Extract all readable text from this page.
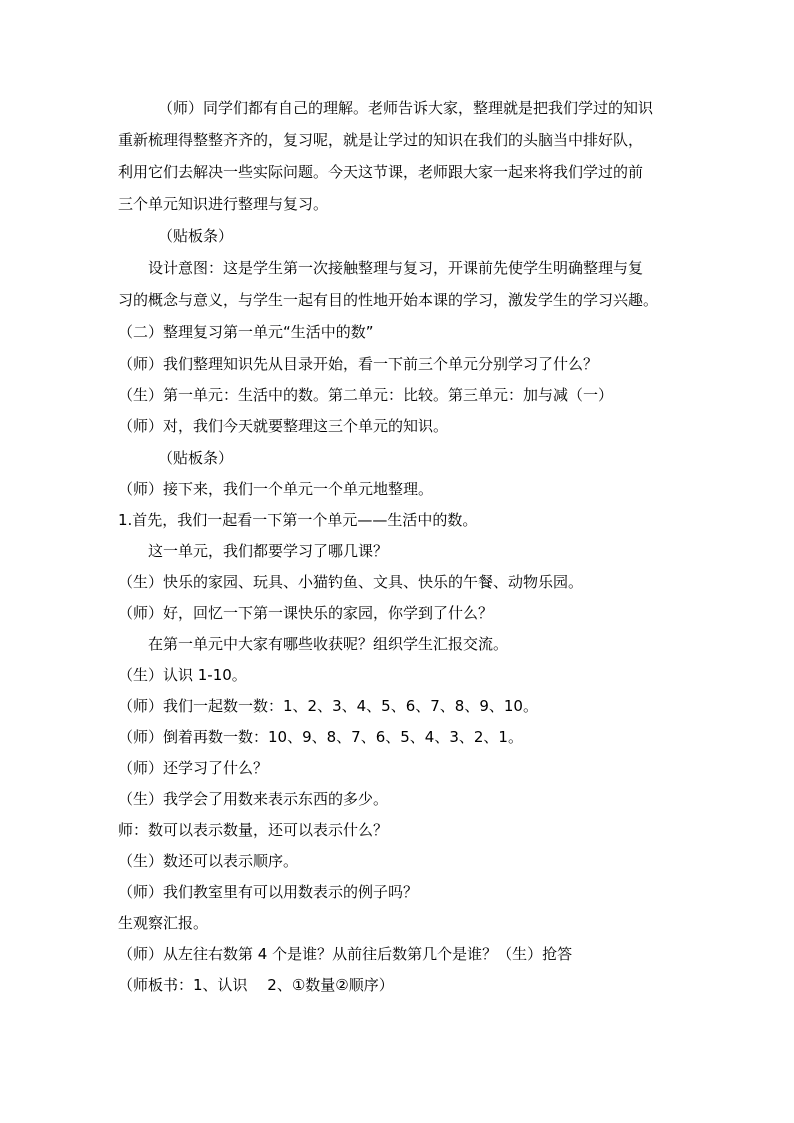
（师）同学们都有自己的理解。老师告诉大家，整理就是把我们学过的知识
重新梳理得整整齐齐的，复习呢，就是让学过的知识在我们的头脑当中排好队，
利用它们去解决一些实际问题。今天这节课，老师跟大家一起来将我们学过的前
三个单元知识进行整理与复习。
（贴板条）
设计意图：这是学生第一次接触整理与复习，开课前先使学生明确整理与复
习的概念与意义，与学生一起有目的性地开始本课的学习，激发学生的学习兴趣。
（二）整理复习第一单元“生活中的数”
（师）我们整理知识先从目录开始，看一下前三个单元分别学习了什么？
（生）第一单元：生活中的数。第二单元：比较。第三单元：加与减（一）
（师）对，我们今天就要整理这三个单元的知识。
（贴板条）
（师）接下来，我们一个单元一个单元地整理。
1.首先，我们一起看一下第一个单元——生活中的数。
这一单元，我们都要学习了哪几课？
（生）快乐的家园、玩具、小猫钓鱼、文具、快乐的午餐、动物乐园。
（师）好，回忆一下第一课快乐的家园，你学到了什么？
在第一单元中大家有哪些收获呢？组织学生汇报交流。
（生）认识 1-10。
（师）我们一起数一数：1、2、3、4、5、6、7、8、9、10。
（师）倒着再数一数：10、9、8、7、6、5、4、3、2、1。
（师）还学习了什么？
（生）我学会了用数来表示东西的多少。
师：数可以表示数量，还可以表示什么？
（生）数还可以表示顺序。
（师）我们教室里有可以用数表示的例子吗？
生观察汇报。
（师）从左往右数第 4 个是谁？从前往后数第几个是谁？（生）抢答
（师板书：1、认识　 2、①数量②顺序）
